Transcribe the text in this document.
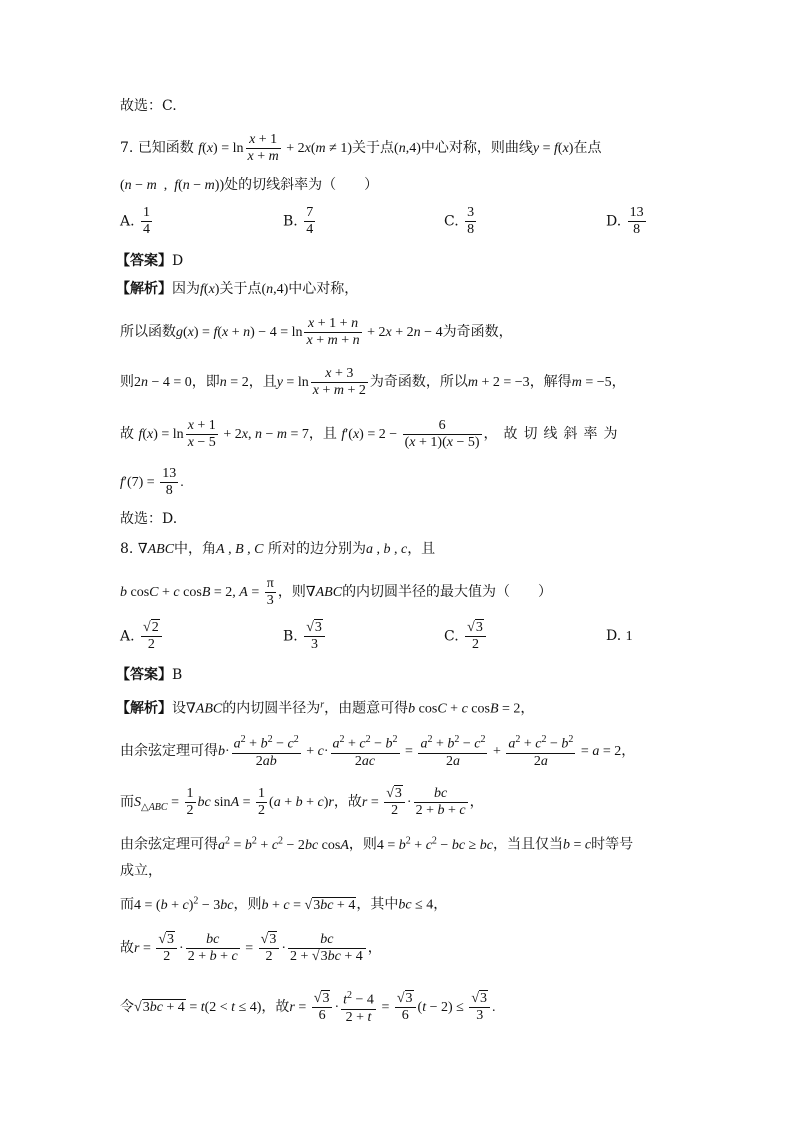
故选：C.
7. 已知函数 $f(x) = \ln \frac{x + 1}{x + m} + 2x(m \ne 1)$关于点(n,4)中心对称，则曲线y = f(x)在点
(n − m  ,  f(n − m))处的切线斜率为（　　）
A. $\frac{1}{4}$	B. $\frac{7}{4}$	C. $\frac{3}{8}$	D. $\frac{13}{8}$
【答案】D
【解析】因为f(x)关于点(n,4)中心对称，
所以函数$g(x) = f(x + n) - 4 = \ln \frac{x + 1 + n}{x + m + n} + 2x + 2n - 4$为奇函数，
则2n − 4 = 0，即n = 2，且$y = \ln \frac{x + 3}{x + m + 2}$ 为奇函数，所以m + 2 = −3，解得m = −5，
故 $f(x) = \ln \frac{x + 1}{x - 5} + 2x$, n − m = 7，且 $f'(x) = 2 - \frac{6}{(x + 1)(x - 5)}$ ，故切线斜率为
$f'(7) = \frac{13}{8}$ .
故选：D.
8. ∇ABC中，角A , B , C 所对的边分别为a , b , c，且
b cosC + c cosB = 2, $A = \frac{\pi}{3}$ ，则∇ABC的内切圆半径的最大值为（　　）
A. $\frac{√2}{2}$	B. $\frac{√3}{3}$	C. $\frac{√3}{2}$	D. 1
【答案】B
【解析】设∇ABC的内切圆半径为$^r$，由题意可得b cosC + c cosB = 2，
由余弦定理可得$b\cdot \frac{a^2 + b^2 - c^2}{2ab} + c\cdot \frac{a^2 + c^2 - b^2}{2ac} = \frac{a^2 + b^2 - c^2}{2a} + \frac{a^2 + c^2 - b^2}{2a} = a = 2$，
而$S_{\triangle ABC} = \frac{1}{2}$ bc $\sin A = \frac{1}{2} (a + b + c)r$，故$r = \frac{√3}{2} \cdot \frac{bc}{2 + b + c}$ ，
由余弦定理可得$a^2 = b^2 + c^2 - 2bc$ cosA，则$4 = b^2 + c^2$ − bc ≥ bc，当且仅当b = c时等号
成立，
而$4 = (b + c)^2 - 3bc$，则b + c = √3bc + 4，其中bc ≤ 4，
故$r = \frac{√3}{2} \cdot \frac{bc}{2 + b + c} = \frac{√3}{2} \cdot \frac{bc}{2 + √3bc + 4}$ ，
令√3bc + 4 = t(2 < t ≤ 4)，故$r = \frac{√3}{6} \cdot \frac{t^2 - 4}{2 + t} = \frac{√3}{6} (t - 2) \le \frac{√3}{3}$ .
